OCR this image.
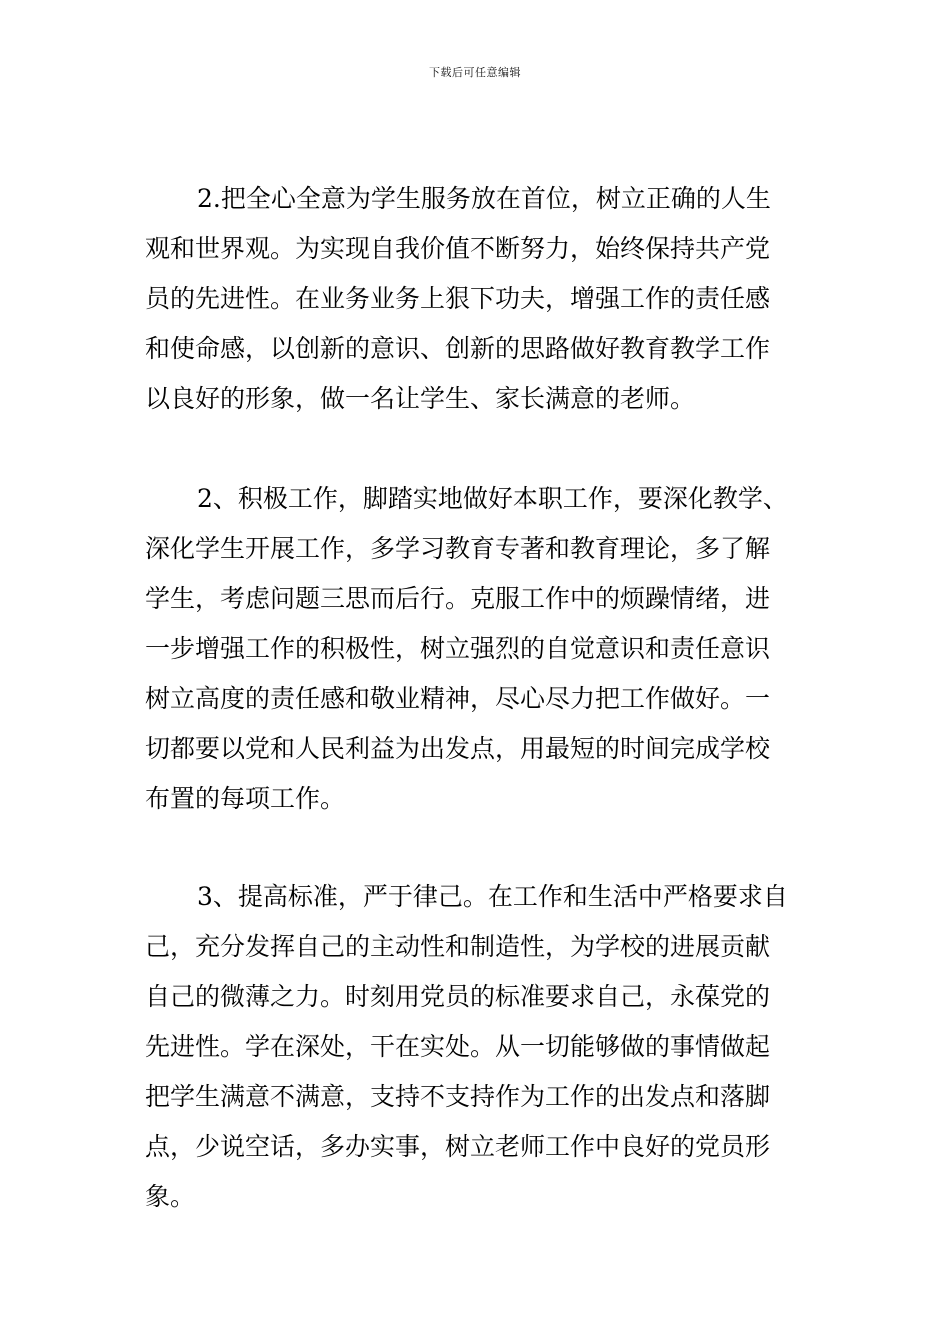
下载后可任意编辑
2.把全心全意为学生服务放在首位，树立正确的人生
观和世界观。为实现自我价值不断努力，始终保持共产党
员的先进性。在业务业务上狠下功夫，增强工作的责任感
和使命感，以创新的意识、创新的思路做好教育教学工作
以良好的形象，做一名让学生、家长满意的老师。
2、积极工作，脚踏实地做好本职工作，要深化教学、
深化学生开展工作，多学习教育专著和教育理论，多了解
学生，考虑问题三思而后行。克服工作中的烦躁情绪，进
一步增强工作的积极性，树立强烈的自觉意识和责任意识
树立高度的责任感和敬业精神，尽心尽力把工作做好。一
切都要以党和人民利益为出发点，用最短的时间完成学校
布置的每项工作。
3、提高标准，严于律己。在工作和生活中严格要求自
己，充分发挥自己的主动性和制造性，为学校的进展贡献
自己的微薄之力。时刻用党员的标准要求自己，永葆党的
先进性。学在深处，干在实处。从一切能够做的事情做起
把学生满意不满意，支持不支持作为工作的出发点和落脚
点，少说空话，多办实事，树立老师工作中良好的党员形
象。
